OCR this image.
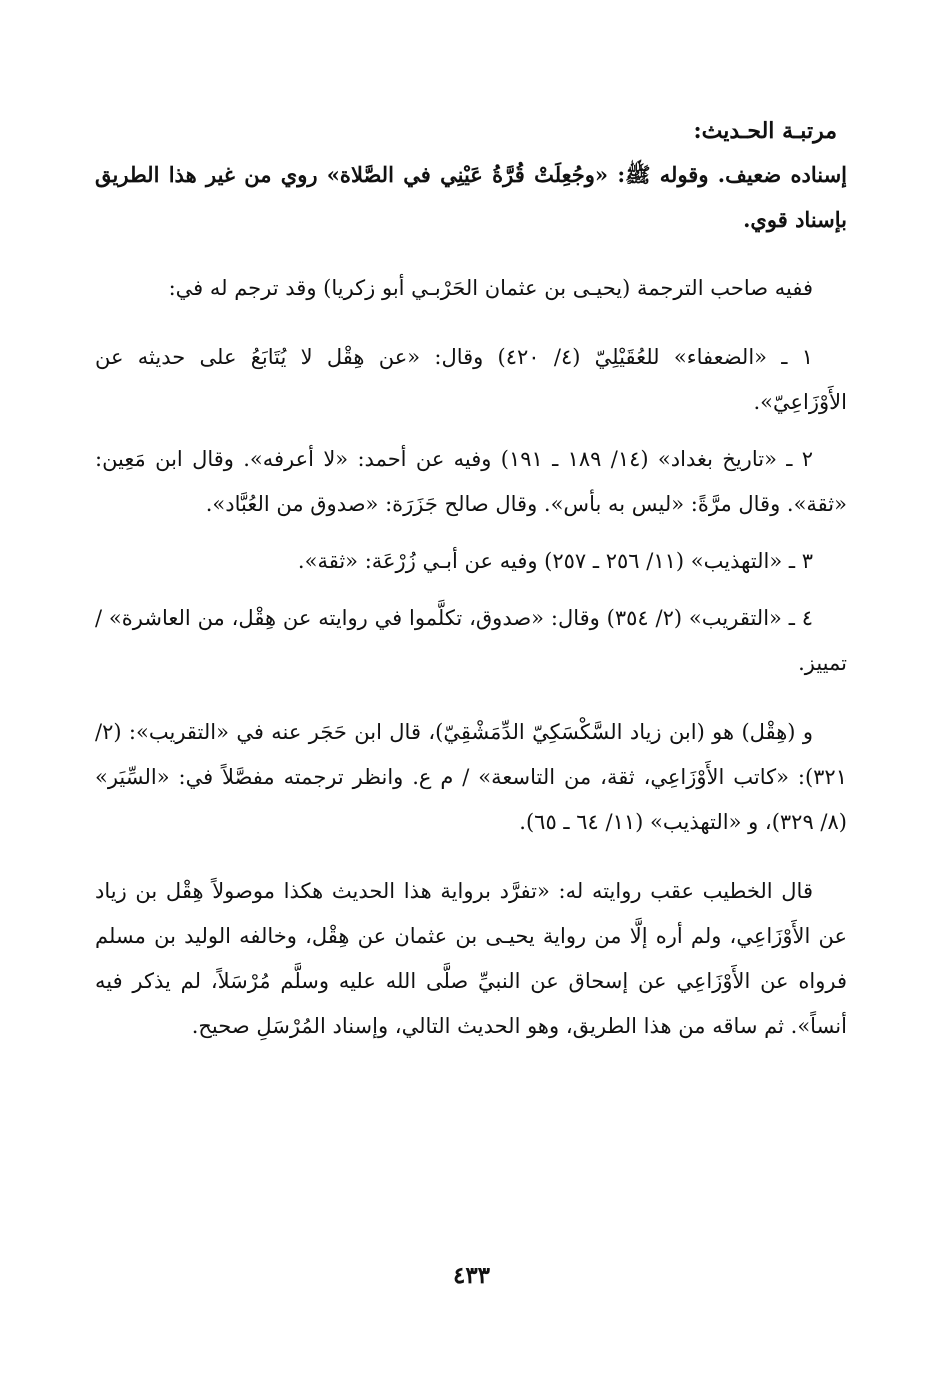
مرتبـة الحـديث:

إسناده ضعيف. وقوله ﷺ: «وجُعِلَتْ قُرَّةُ عَيْنِي في الصَّلاة» روي من غير هذا الطريق بإسناد قوي.

ففيه صاحب الترجمة (يحيـى بن عثمان الحَرْبـي أبو زكريا) وقد ترجم له في:

١ ـ «الضعفاء» للعُقَيْلِيّ (٤/ ٤٢٠) وقال: «عن هِقْل لا يُتَابَعُ على حديثه عن الأَوْزَاعِيّ».

٢ ـ «تاريخ بغداد» (١٤/ ١٨٩ ـ ١٩١) وفيه عن أحمد: «لا أعرفه». وقال ابن مَعِين: «ثقة». وقال مرَّةً: «ليس به بأس». وقال صالح جَزَرَة: «صدوق من العُبَّاد».

٣ ـ «التهذيب» (١١/ ٢٥٦ ـ ٢٥٧) وفيه عن أبـي زُرْعَة: «ثقة».

٤ ـ «التقريب» (٢/ ٣٥٤) وقال: «صدوق، تكلَّموا في روايته عن هِقْل، من العاشرة» / تمييز.

و (هِقْل) هو (ابن زياد السَّكْسَكِيّ الدِّمَشْقِيّ)، قال ابن حَجَر عنه في «التقريب»: (٢/ ٣٢١): «كاتب الأَوْزَاعِي، ثقة، من التاسعة» / م ع. وانظر ترجمته مفصَّلاً في: «السِّيَر» (٨/ ٣٢٩)، و «التهذيب» (١١/ ٦٤ ـ ٦٥).

قال الخطيب عقب روايته له: «تفرَّد برواية هذا الحديث هكذا موصولاً هِقْل بن زياد عن الأَوْزَاعِي، ولم أره إلَّا من رواية يحيـى بن عثمان عن هِقْل، وخالفه الوليد بن مسلم فرواه عن الأَوْزَاعِي عن إسحاق عن النبيِّ صلَّى الله عليه وسلَّم مُرْسَلاً، لم يذكر فيه أنساً». ثم ساقه من هذا الطريق، وهو الحديث التالي، وإسناد المُرْسَلِ صحيح.

٤٣٣
